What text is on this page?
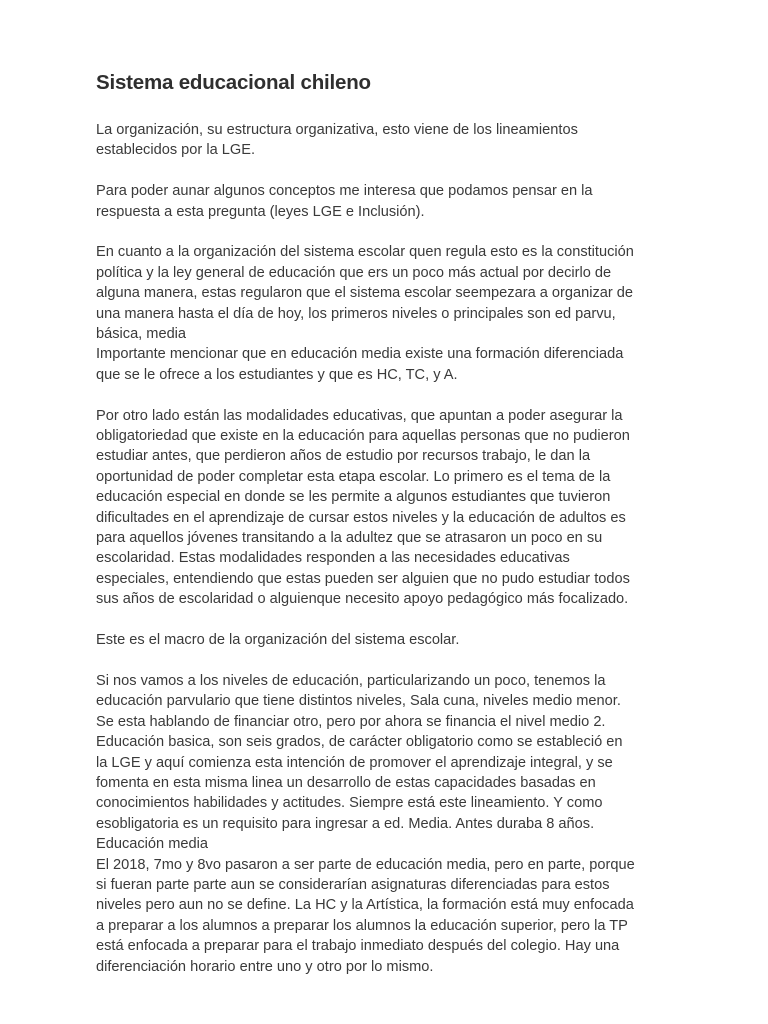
Sistema educacional chileno

La organización, su estructura organizativa, esto viene de los lineamientos
establecidos por la LGE.

Para poder aunar algunos conceptos me interesa que podamos pensar en la
respuesta a esta pregunta (leyes LGE e Inclusión).

En cuanto a la organización del sistema escolar quen regula esto es la constitución
política y la ley general de educación que ers un poco más actual por decirlo de
alguna manera, estas regularon que el sistema escolar seempezara a organizar de
una manera hasta el día de hoy, los primeros niveles o principales son ed parvu,
básica, media
Importante mencionar que en educación media existe una formación diferenciada
que se le ofrece a los estudiantes y que es HC, TC, y A.

Por otro lado están las modalidades educativas, que apuntan a poder asegurar la
obligatoriedad que existe en la educación para aquellas personas que no pudieron
estudiar antes, que perdieron años de estudio por recursos trabajo, le dan la
oportunidad de poder completar esta etapa escolar. Lo primero es el tema de la
educación especial en donde se les permite a algunos estudiantes que tuvieron
dificultades en el aprendizaje de cursar estos niveles y la educación de adultos es
para aquellos jóvenes transitando a la adultez que se atrasaron un poco en su
escolaridad. Estas modalidades responden a las necesidades educativas
especiales, entendiendo que estas pueden ser alguien que no pudo estudiar todos
sus años de escolaridad o alguienque necesito apoyo pedagógico más focalizado.

Este es el macro de la organización del sistema escolar.

Si nos vamos a los niveles de educación, particularizando un poco, tenemos la
educación parvulario que tiene distintos niveles, Sala cuna, niveles medio menor.
Se esta hablando de financiar otro, pero por ahora se financia el nivel medio 2.
Educación basica, son seis grados, de carácter obligatorio como se estableció en
la LGE y aquí comienza esta intención de promover el aprendizaje integral, y se
fomenta en esta misma linea un desarrollo de estas capacidades basadas en
conocimientos habilidades y actitudes. Siempre está este lineamiento. Y como
esobligatoria es un requisito para ingresar a ed. Media. Antes duraba 8 años.
Educación media
El 2018, 7mo y 8vo pasaron a ser parte de educación media, pero en parte, porque
si fueran parte parte aun se considerarían asignaturas diferenciadas para estos
niveles pero aun no se define. La HC y la Artística, la formación está muy enfocada
a preparar a los alumnos a preparar los alumnos la educación superior, pero la TP
está enfocada a preparar para el trabajo inmediato después del colegio. Hay una
diferenciación horario entre uno y otro por lo mismo.
